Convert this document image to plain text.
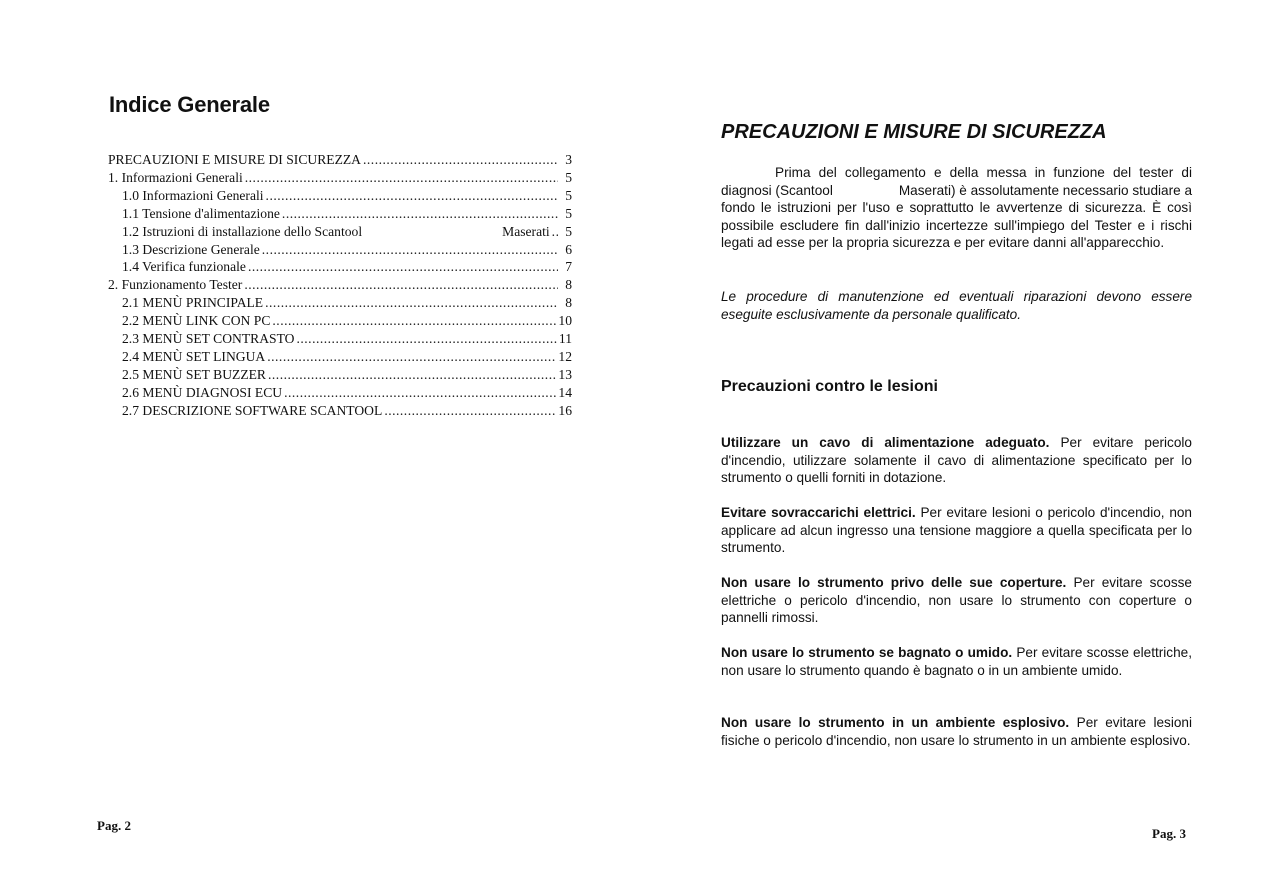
Indice Generale
PRECAUZIONI E MISURE DI SICUREZZA .....	3
1. Informazioni Generali .....	5
1.0 Informazioni Generali .....	5
1.1 Tensione d'alimentazione .....	5
1.2 Istruzioni di installazione dello Scantool	Maserati .....	5
1.3 Descrizione Generale .....	6
1.4 Verifica funzionale .....	7
2. Funzionamento Tester .....	8
2.1 MENÙ PRINCIPALE .....	8
2.2 MENÙ LINK CON PC .....	10
2.3 MENÙ SET CONTRASTO .....	11
2.4 MENÙ SET LINGUA .....	12
2.5 MENÙ SET BUZZER .....	13
2.6 MENÙ DIAGNOSI ECU .....	14
2.7 DESCRIZIONE SOFTWARE SCANTOOL .....	16
Pag. 2
PRECAUZIONI E MISURE DI SICUREZZA
Prima del collegamento e della messa in funzione del tester di diagnosi (Scantool	Maserati) è assolutamente necessario studiare a fondo le istruzioni per l'uso e soprattutto le avvertenze di sicurezza. È così possibile escludere fin dall'inizio incertezze sull'impiego del Tester e i rischi legati ad esse per la propria sicurezza e per evitare danni all'apparecchio.
Le procedure di manutenzione ed eventuali riparazioni devono essere eseguite esclusivamente da personale qualificato.
Precauzioni contro le lesioni
Utilizzare un cavo di alimentazione adeguato. Per evitare pericolo d'incendio, utilizzare solamente il cavo di alimentazione specificato per lo strumento o quelli forniti in dotazione.
Evitare sovraccarichi elettrici. Per evitare lesioni o pericolo d'incendio, non applicare ad alcun ingresso una tensione maggiore a quella specificata per lo strumento.
Non usare lo strumento privo delle sue coperture. Per evitare scosse elettriche o pericolo d'incendio, non usare lo strumento con coperture o pannelli rimossi.
Non usare lo strumento se bagnato o umido. Per evitare scosse elettriche, non usare lo strumento quando è bagnato o in un ambiente umido.
Non usare lo strumento in un ambiente esplosivo. Per evitare lesioni fisiche o pericolo d'incendio, non usare lo strumento in un ambiente esplosivo.
Pag. 3
